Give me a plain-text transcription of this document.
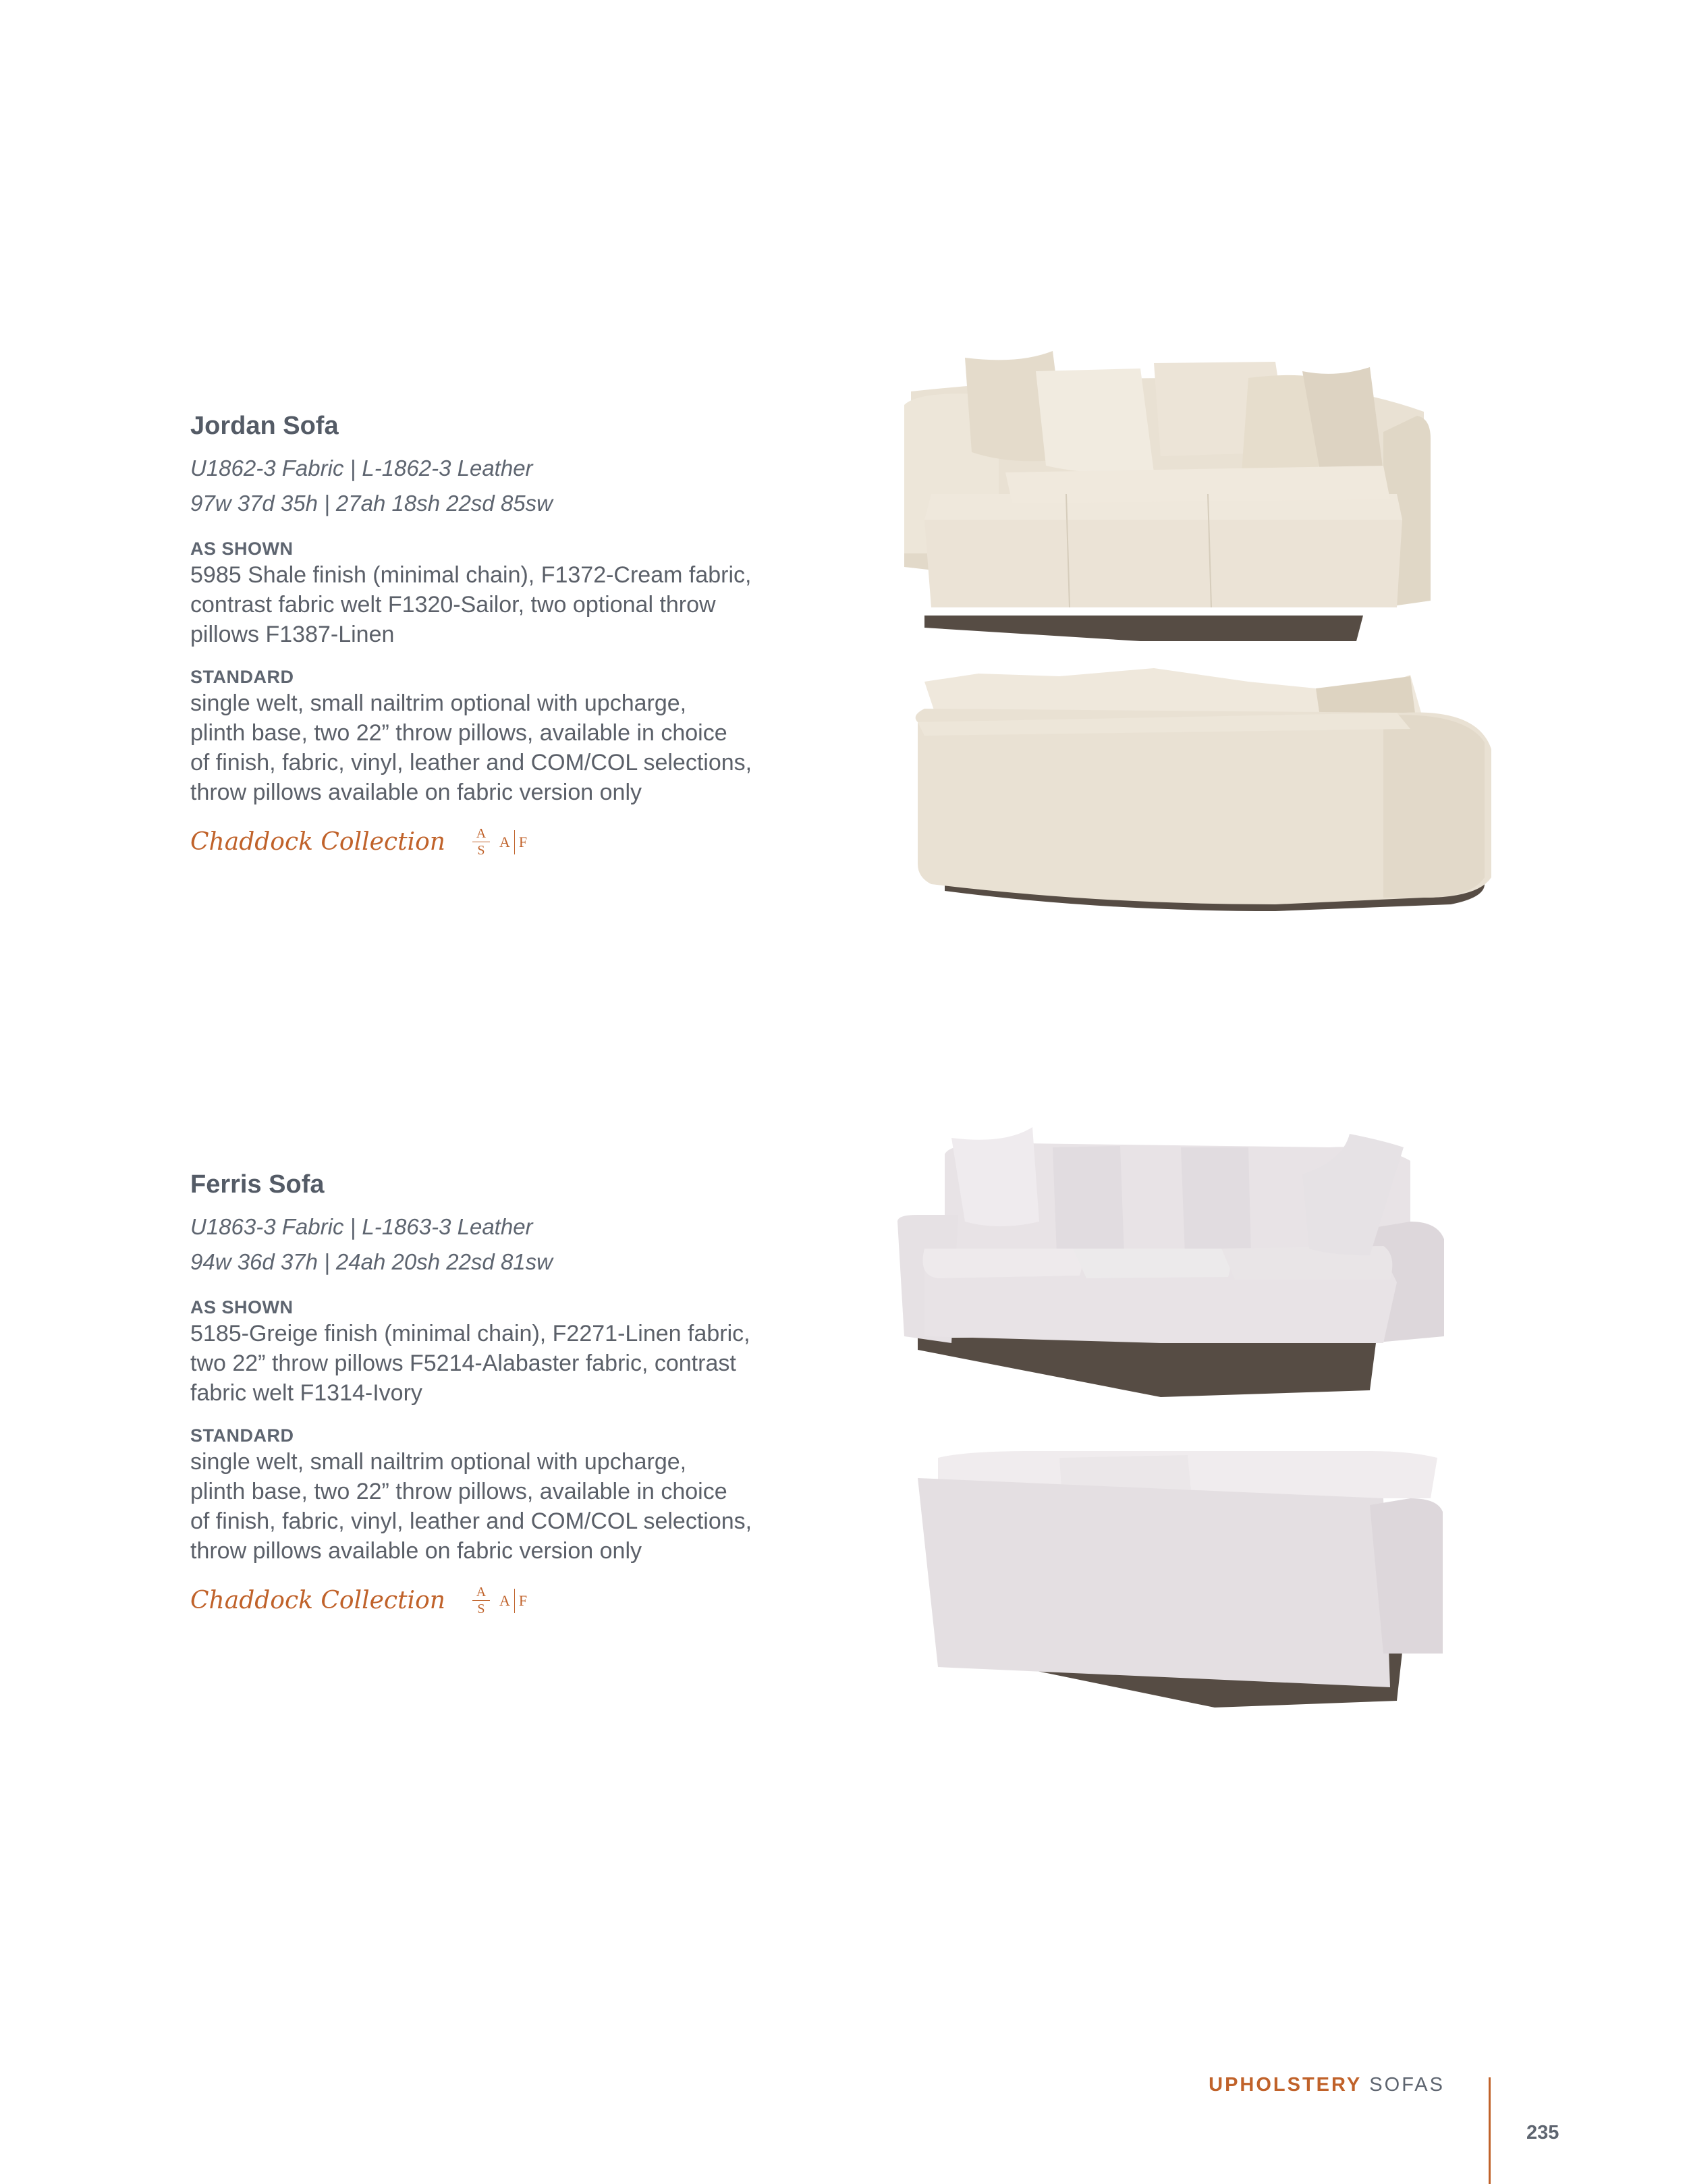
Jordan Sofa
U1862-3 Fabric | L-1862-3 Leather
97w 37d 35h | 27ah 18sh 22sd 85sw
AS SHOWN
5985 Shale finish (minimal chain), F1372-Cream fabric,
contrast fabric welt F1320-Sailor, two optional throw
pillows F1387-Linen
STANDARD
single welt, small nailtrim optional with upcharge,
plinth base, two 22” throw pillows, available in choice
of finish, fabric, vinyl, leather and COM/COL selections,
throw pillows available on fabric version only
Chaddock Collection $\frac{A}{S}$ A F
Ferris Sofa
U1863-3 Fabric | L-1863-3 Leather
94w 36d 37h | 24ah 20sh 22sd 81sw
AS SHOWN
5185-Greige finish (minimal chain), F2271-Linen fabric,
two 22” throw pillows F5214-Alabaster fabric, contrast
fabric welt F1314-Ivory
STANDARD
single welt, small nailtrim optional with upcharge,
plinth base, two 22” throw pillows, available in choice
of finish, fabric, vinyl, leather and COM/COL selections,
throw pillows available on fabric version only
Chaddock Collection $\frac{A}{S}$ A F
UPHOLSTERY SOFAS
235
